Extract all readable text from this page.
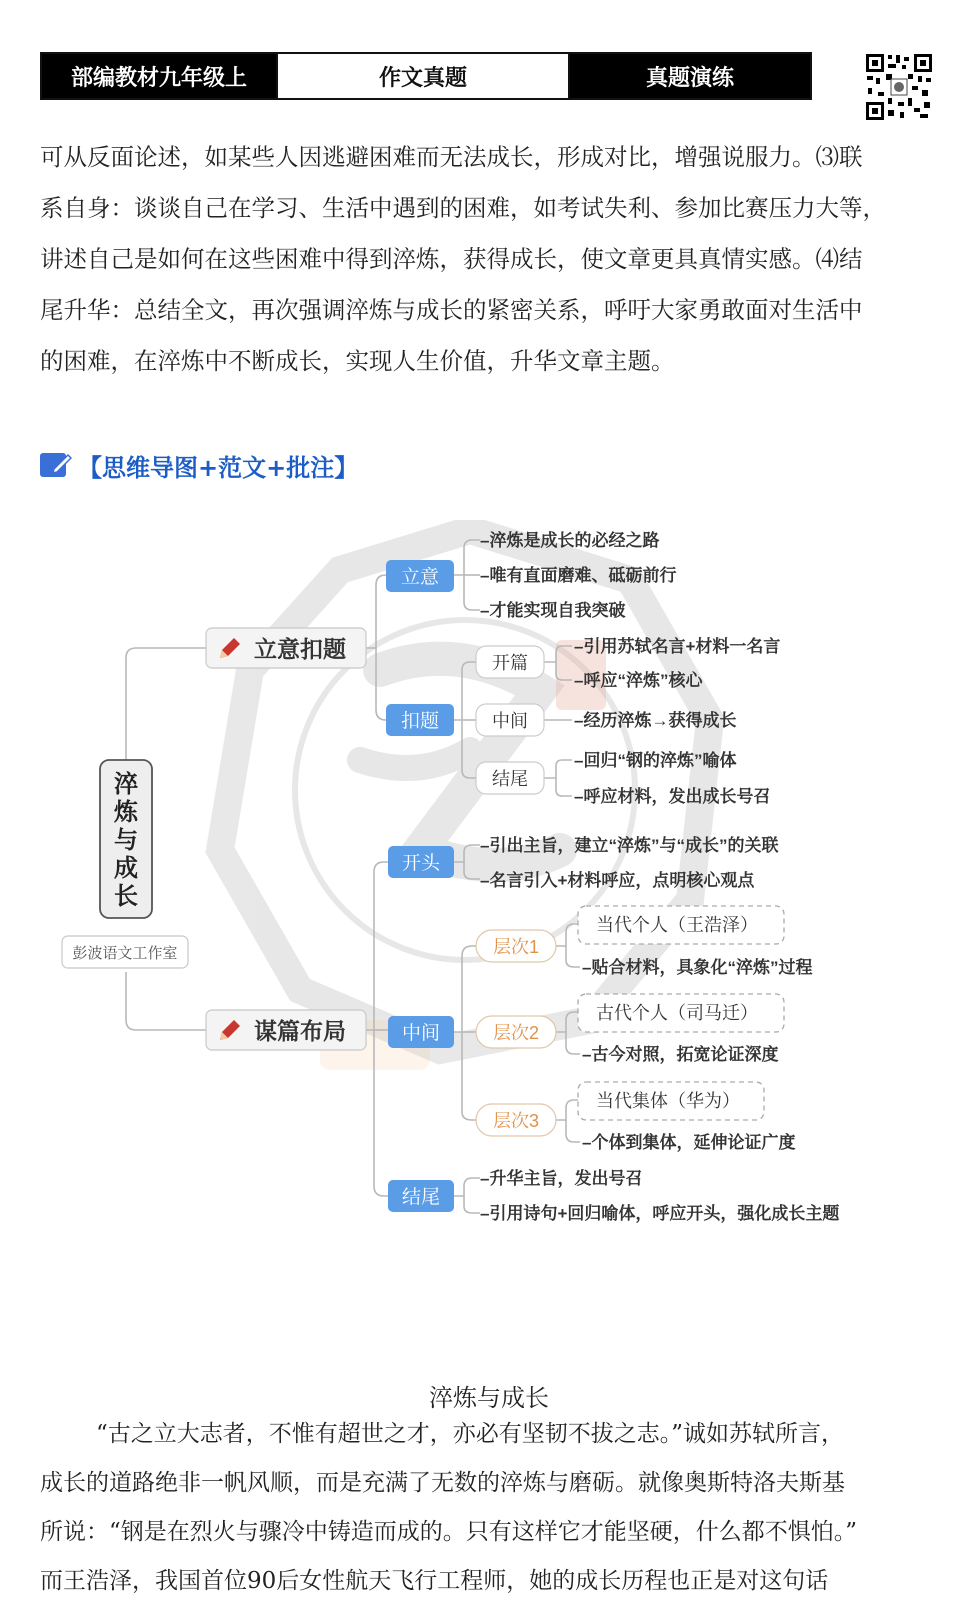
部编教材九年级上	作文真题	真题演练

可从反面论述，如某些人因逃避困难而无法成长，形成对比，增强说服力。⑶联

系自身：谈谈自己在学习、生活中遇到的困难，如考试失利、参加比赛压力大等，

讲述自己是如何在这些困难中得到淬炼，获得成长，使文章更具真情实感。⑷结

尾升华：总结全文，再次强调淬炼与成长的紧密关系，呼吁大家勇敢面对生活中

的困难，在淬炼中不断成长，实现人生价值，升华文章主题。

【思维导图+范文+批注】
淬
炼
与
成
长
彭波语文工作室
立意扣题
立意
–淬炼是成长的必经之路
–唯有直面磨难、砥砺前行
–才能实现自我突破
扣题
开篇
–引用苏轼名言+材料一名言
–呼应“淬炼”核心
中间	–经历淬炼→获得成长
结尾
–回归“钢的淬炼”喻体
–呼应材料，发出成长号召
谋篇布局
开头
–引出主旨，建立“淬炼”与“成长”的关联
–名言引入+材料呼应，点明核心观点
中间
层次1
当代个人（王浩泽）
–贴合材料，具象化“淬炼”过程
层次2
古代个人（司马迁）
–古今对照，拓宽论证深度
层次3
当代集体（华为）
–个体到集体，延伸论证广度
结尾
–升华主旨，发出号召
–引用诗句+回归喻体，呼应开头，强化成长主题
淬炼与成长

“古之立大志者，不惟有超世之才，亦必有坚韧不拔之志。”诚如苏轼所言，

成长的道路绝非一帆风顺，而是充满了无数的淬炼与磨砺。就像奥斯特洛夫斯基

所说：“钢是在烈火与骤冷中铸造而成的。只有这样它才能坚硬，什么都不惧怕。”

而王浩泽，我国首位90后女性航天飞行工程师，她的成长历程也正是对这句话
